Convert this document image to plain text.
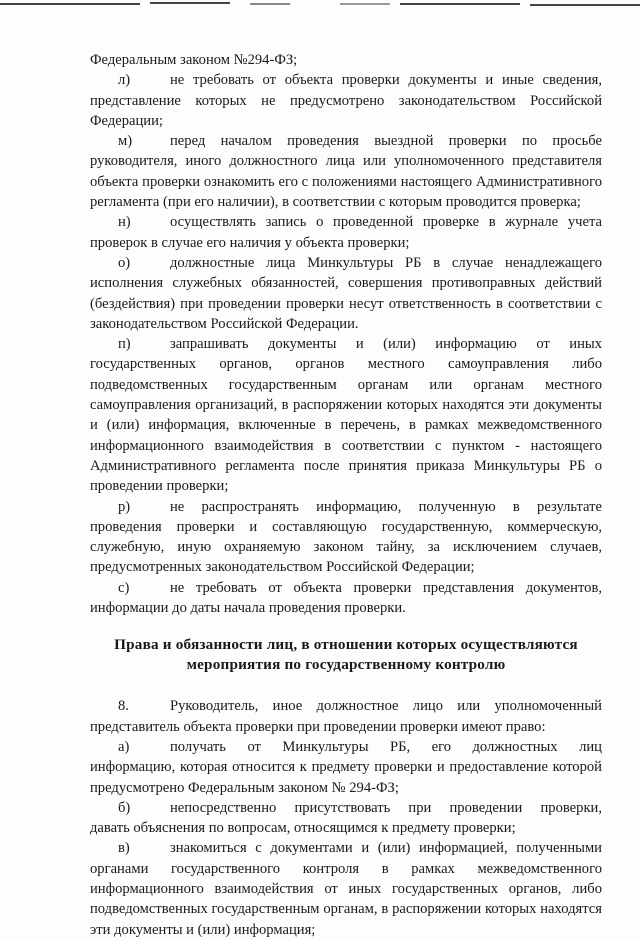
Федеральным законом №294-ФЗ;

л)	не требовать от объекта проверки документы и иные сведения,

представление которых не предусмотрено законодательством Российской Федерации;

м)	перед началом проведения выездной проверки по просьбе

руководителя, иного должностного лица или уполномоченного представителя объекта проверки ознакомить его с положениями настоящего Административного регламента (при его наличии), в соответствии с которым проводится проверка;

н)	осуществлять запись о проведенной проверке в журнале учета

проверок в случае его наличия у объекта проверки;

о)	должностные лица Минкультуры РБ в случае ненадлежащего

исполнения служебных обязанностей, совершения противоправных действий (бездействия) при проведении проверки несут ответственность в соответствии с законодательством Российской Федерации.

п)	запрашивать документы и (или) информацию от иных

государственных органов, органов местного самоуправления либо подведомственных государственным органам или органам местного самоуправления организаций, в распоряжении которых находятся эти документы и (или) информация, включенные в перечень, в рамках межведомственного информационного взаимодействия в соответствии с пунктом - настоящего Административного регламента после принятия приказа Минкультуры РБ о проведении проверки;

р)	не распространять информацию, полученную в результате

проведения проверки и составляющую государственную, коммерческую, служебную, иную охраняемую законом тайну, за исключением случаев, предусмотренных законодательством Российской Федерации;

с)	не требовать от объекта проверки представления документов,

информации до даты начала проведения проверки.

Права и обязанности лиц, в отношении которых осуществляются
мероприятия по государственному контролю
8.	Руководитель, иное должностное лицо или уполномоченный

представитель объекта проверки при проведении проверки имеют право:

а)	получать от Минкультуры РБ, его должностных лиц

информацию, которая относится к предмету проверки и предоставление которой предусмотрено Федеральным законом № 294-ФЗ;

б)	непосредственно присутствовать при проведении проверки,

давать объяснения по вопросам, относящимся к предмету проверки;

в)	знакомиться с документами и (или) информацией, полученными

органами государственного контроля в рамках межведомственного информационного взаимодействия от иных государственных органов, либо подведомственных государственным органам, в распоряжении которых находятся эти документы и (или) информация;
